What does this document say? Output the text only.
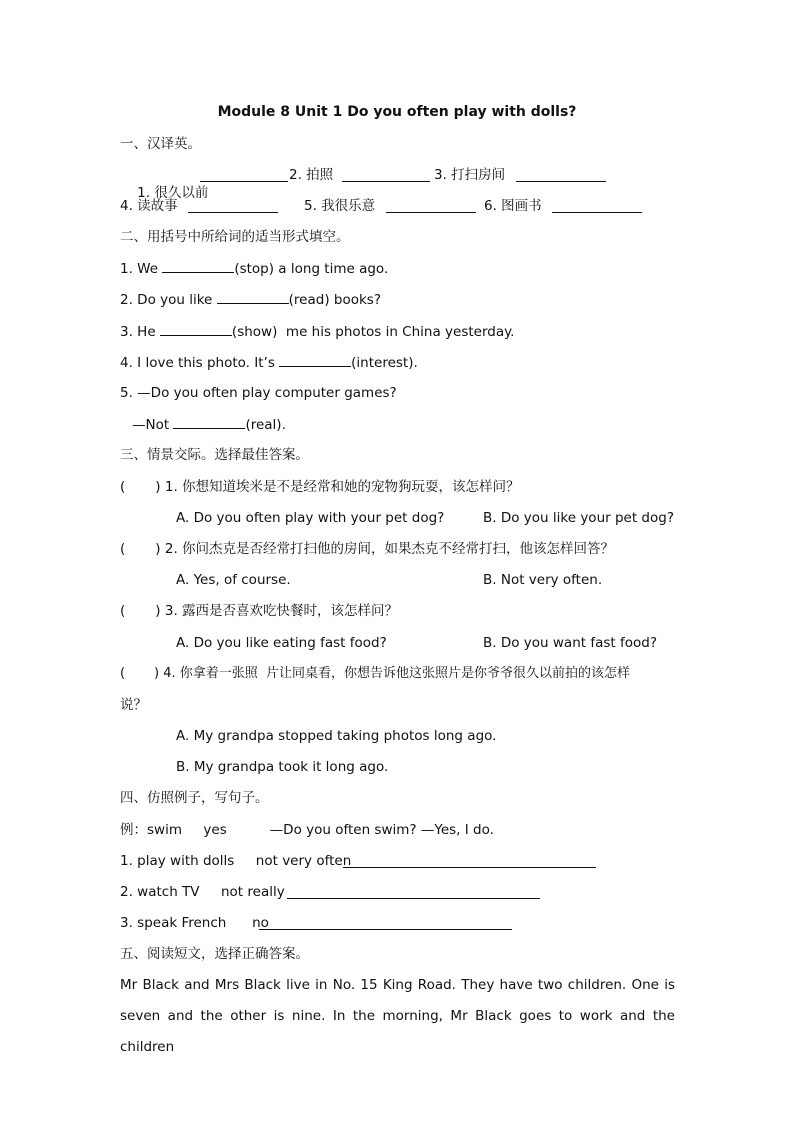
Module 8 Unit 1 Do you often play with dolls?
一、汉译英。

1. 很久以前

2. 拍照	3. 打扫房间
4. 读故事	5. 我很乐意	6. 图画书
二、用括号中所给词的适当形式填空。
1. We	(stop) a long time ago.
2. Do you like	(read) books?
3. He	(show)  me his photos in China yesterday.
4. I love this photo. It’s	(interest).
5. —Do you often play computer games?
—Not	(real).
三、情景交际。选择最佳答案。
(       ) 1. 你想知道埃米是不是经常和她的宠物狗玩耍，该怎样问？
A. Do you often play with your pet dog?	B. Do you like your pet dog?
(       ) 2. 你问杰克是否经常打扫他的房间，如果杰克不经常打扫，他该怎样回答？
A. Yes, of course.	B. Not very often.
(       ) 3. 露西是否喜欢吃快餐时，该怎样问？
A. Do you like eating fast food?	B. Do you want fast food?
(       ) 4. 你拿着一张照  片让同桌看，你想告诉他这张照片是你爷爷很久以前拍的该怎样
说？
A. My grandpa stopped taking photos long ago.
B. My grandpa took it long ago.
四、仿照例子，写句子。
例：swim     yes          —Do you often swim? —Yes, I do.
1. play with dolls     not very often
2. watch TV     not really
3. speak French      no
五、阅读短文，选择正确答案。
Mr Black and Mrs Black live in No. 15 King Road. They have two children. One is
seven and the other is nine. In the morning, Mr Black goes to work and the children
